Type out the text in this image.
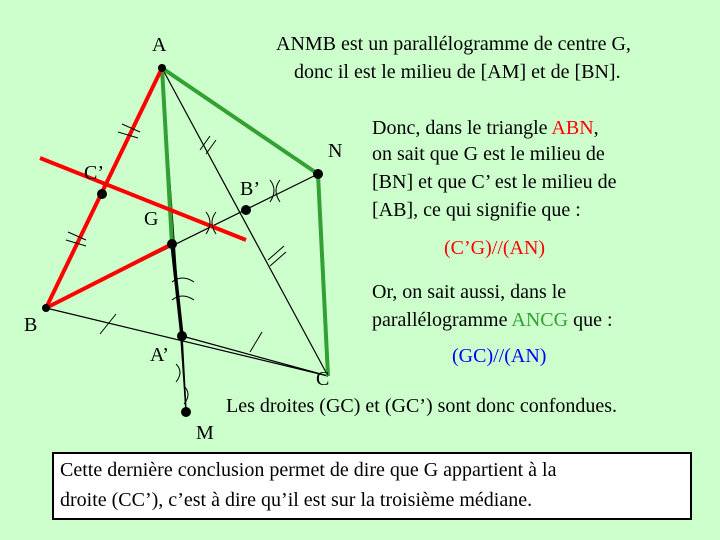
A
N
C’
B’
G
B
A’
C
M
ANMB est un parallélogramme de centre G,
donc il est le milieu de [AM] et de [BN].
Donc, dans le triangle ABN,
on sait que G est le milieu de
[BN] et que C’ est le milieu de
[AB], ce qui signifie que :
(C’G)//(AN)
Or, on sait aussi, dans le
parallélogramme ANCG que :
(GC)//(AN)
Les droites (GC) et (GC’) sont donc confondues.
Cette dernière conclusion permet de dire que G appartient à la
droite (CC’), c’est à dire qu’il est sur la troisième médiane.
